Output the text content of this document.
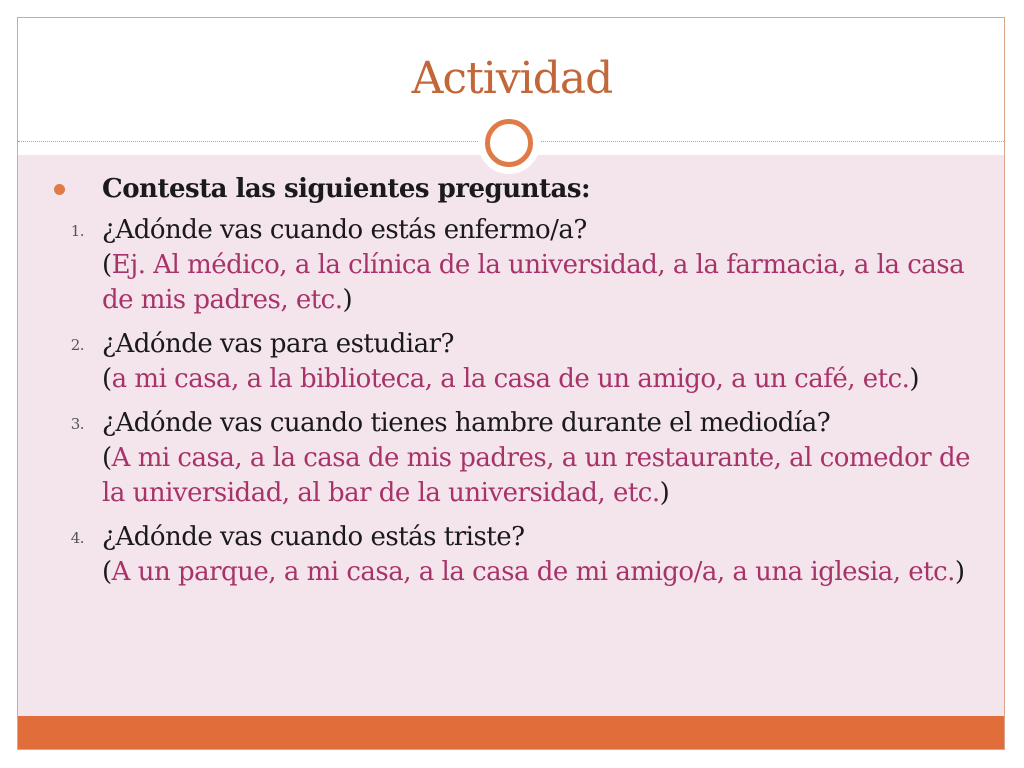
Actividad
Contesta las siguientes preguntas:
1. ¿Adónde vas cuando estás enfermo/a?
(Ej. Al médico, a la clínica de la universidad, a la farmacia, a la casa de mis padres, etc.)
2. ¿Adónde vas para estudiar?
(a mi casa, a la biblioteca, a la casa de un amigo, a un café, etc.)
3. ¿Adónde vas cuando tienes hambre durante el mediodía?
(A mi casa, a la casa de mis padres, a un restaurante, al comedor de la universidad, al bar de la universidad, etc.)
4. ¿Adónde vas cuando estás triste?
(A un parque, a mi casa, a la casa de mi amigo/a, a una iglesia, etc.)
